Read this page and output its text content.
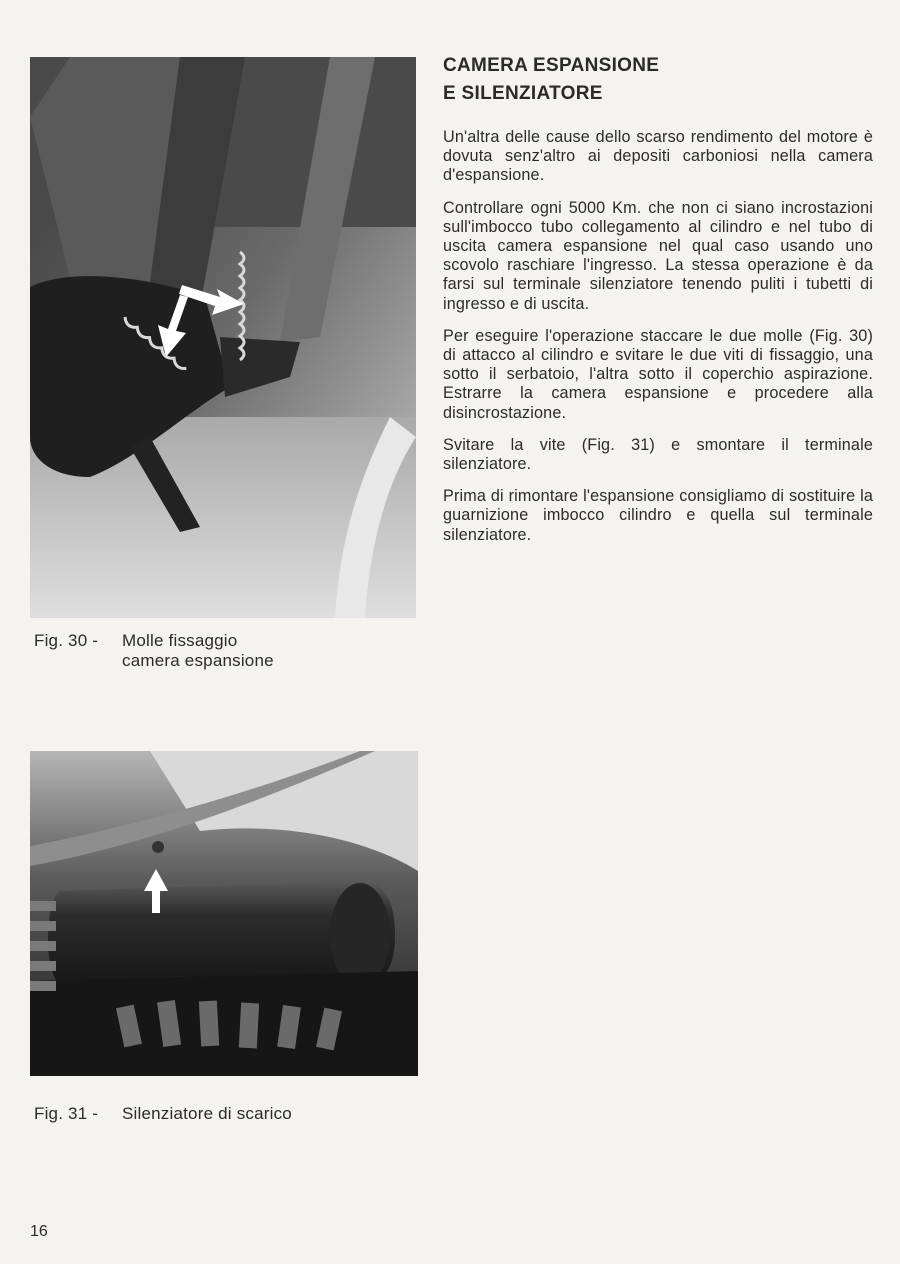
Fig. 30 - Molle fissaggio
camera espansione
Fig. 31 - Silenziatore di scarico
CAMERA ESPANSIONE
E SILENZIATORE

Un'altra delle cause dello scarso rendimento del motore è dovuta senz'altro ai depositi carboniosi nella camera d'espansione.

Controllare ogni 5000 Km. che non ci siano incrostazioni sull'imbocco tubo collegamento al cilindro e nel tubo di uscita camera espansione nel qual caso usando uno scovolo raschiare l'ingresso. La stessa operazione è da farsi sul terminale silenziatore tenendo puliti i tubetti di ingresso e di uscita.

Per eseguire l'operazione staccare le due molle (Fig. 30) di attacco al cilindro e svitare le due viti di fissaggio, una sotto il serbatoio, l'altra sotto il coperchio aspirazione. Estrarre la camera espansione e procedere alla disincrostazione.

Svitare la vite (Fig. 31) e smontare il terminale silenziatore.

Prima di rimontare l'espansione consigliamo di sostituire la guarnizione imbocco cilindro e quella sul terminale silenziatore.

16
